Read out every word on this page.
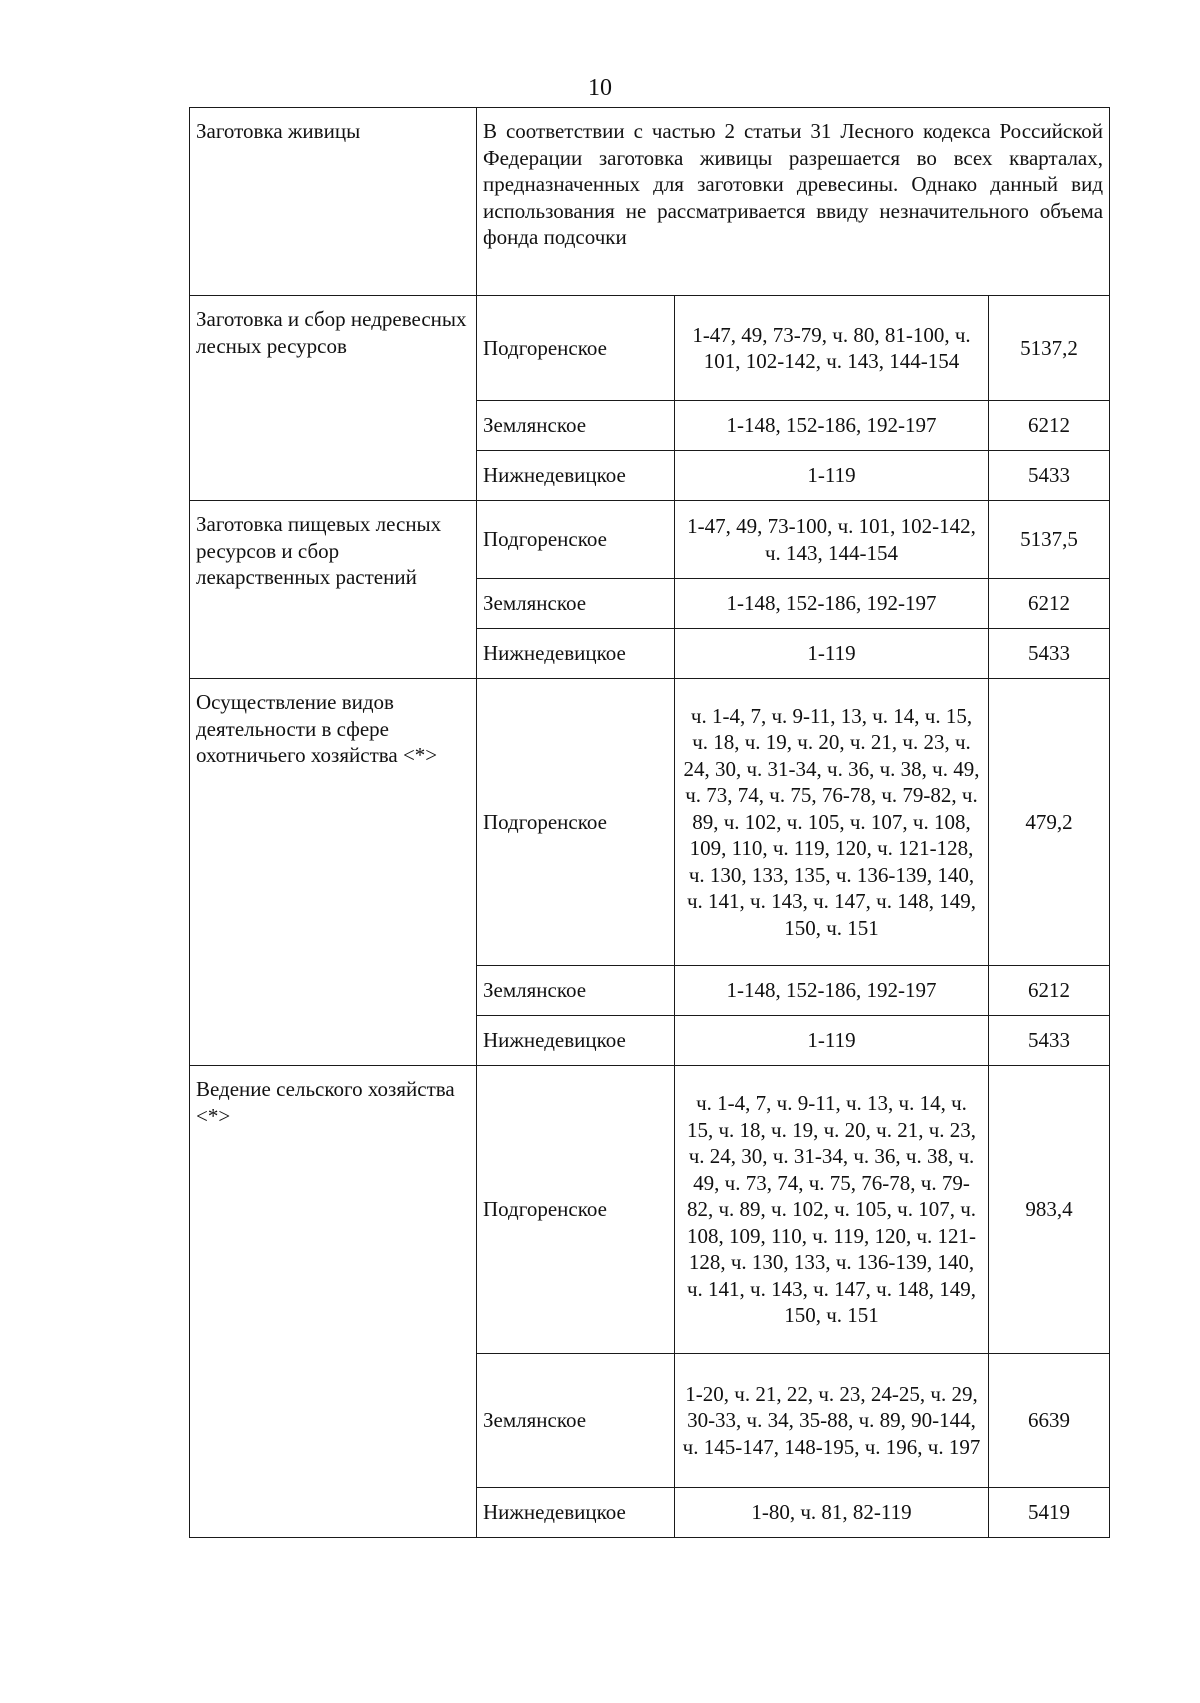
10
Заготовка живицы	В соответствии с частью 2 статьи 31 Лесного кодекса Российской Федерации заготовка живицы разрешается во всех кварталах, предназначенных для заготовки древесины. Однако данный вид использования не рассматривается ввиду незначительного объема фонда подсочки		
Заготовка и сбор недревесных лесных ресурсов	Подгоренское	1-47, 49, 73-79, ч. 80, 81-100, ч. 101, 102-142, ч. 143, 144-154	5137,2
	Землянское	1-148, 152-186, 192-197	6212
	Нижнедевицкое	1-119	5433
Заготовка пищевых лесных ресурсов и сбор лекарственных растений	Подгоренское	1-47, 49, 73-100, ч. 101, 102-142, ч. 143, 144-154	5137,5
	Землянское	1-148, 152-186, 192-197	6212
	Нижнедевицкое	1-119	5433
Осуществление видов деятельности в сфере охотничьего хозяйства <*>	Подгоренское	ч. 1-4, 7, ч. 9-11, 13, ч. 14, ч. 15, ч. 18, ч. 19, ч. 20, ч. 21, ч. 23, ч. 24, 30, ч. 31-34, ч. 36, ч. 38, ч. 49, ч. 73, 74, ч. 75, 76-78, ч. 79-82, ч. 89, ч. 102, ч. 105, ч. 107, ч. 108, 109, 110, ч. 119, 120, ч. 121-128, ч. 130, 133, 135, ч. 136-139, 140, ч. 141, ч. 143, ч. 147, ч. 148, 149, 150, ч. 151	479,2
	Землянское	1-148, 152-186, 192-197	6212
	Нижнедевицкое	1-119	5433
Ведение сельского хозяйства <*>	Подгоренское	ч. 1-4, 7, ч. 9-11, ч. 13, ч. 14, ч. 15, ч. 18, ч. 19, ч. 20, ч. 21, ч. 23, ч. 24, 30, ч. 31-34, ч. 36, ч. 38, ч. 49, ч. 73, 74, ч. 75, 76-78, ч. 79-82, ч. 89, ч. 102, ч. 105, ч. 107, ч. 108, 109, 110, ч. 119, 120, ч. 121-128, ч. 130, 133, ч. 136-139, 140, ч. 141, ч. 143, ч. 147, ч. 148, 149, 150, ч. 151	983,4
	Землянское	1-20, ч. 21, 22, ч. 23, 24-25, ч. 29, 30-33, ч. 34, 35-88, ч. 89, 90-144, ч. 145-147, 148-195, ч. 196, ч. 197	6639
	Нижнедевицкое	1-80, ч. 81, 82-119	5419
